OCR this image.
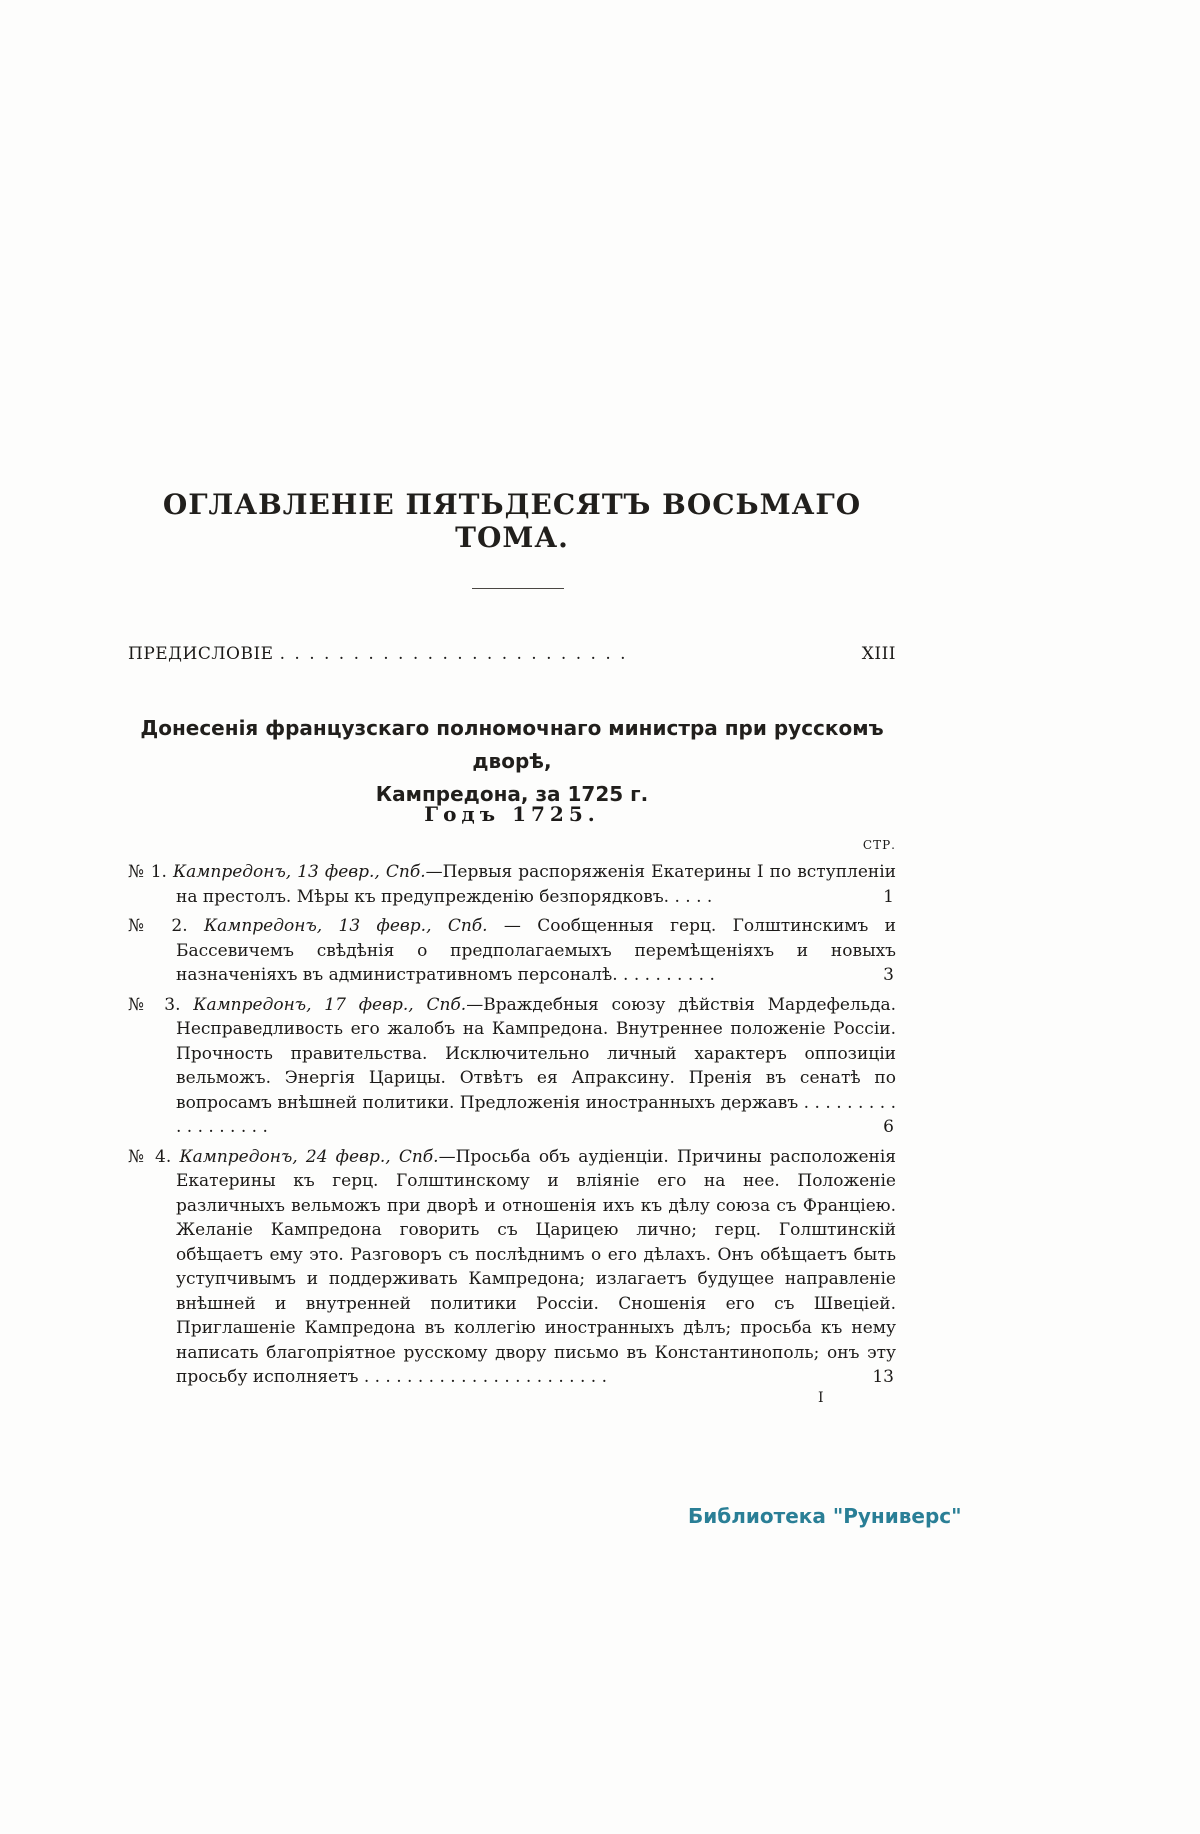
ОГЛАВЛЕНІЕ ПЯТЬДЕСЯТЪ ВОСЬМАГО ТОМА.
ПРЕДИСЛОВІЕ . . . . . . . . . . . . . . . . . . . . . . . .	XIII
Донесенія французскаго полномочнаго министра при русскомъ дворѣ,
Кампредона, за 1725 г.
Годъ 1725.
СТР.
№ 1. Кампредонъ, 13 февр., Спб.—Первыя распоряженія Екатерины I по вступленіи на престолъ. Мѣры къ предупрежденію безпорядковъ. . . . .	1
№ 2. Кампредонъ, 13 февр., Спб. — Сообщенныя герц. Голштинскимъ и Бассевичемъ свѣдѣнія о предполагаемыхъ перемѣщеніяхъ и новыхъ назначеніяхъ въ административномъ персоналѣ. . . . . . . . . .	3
№ 3. Кампредонъ, 17 февр., Спб.—Враждебныя союзу дѣйствія Мардефельда. Несправедливость его жалобъ на Кампредона. Внутреннее положеніе Россіи. Прочность правительства. Исключительно личный характеръ оппозиціи вельможъ. Энергія Царицы. Отвѣтъ ея Апраксину. Пренія въ сенатѣ по вопросамъ внѣшней политики. Предложенія иностранныхъ державъ . . . . . . . . . . . . . . . . . .	6
№ 4. Кампредонъ, 24 февр., Спб.—Просьба объ аудіенціи. Причины расположенія Екатерины къ герц. Голштинскому и вліяніе его на нее. Положеніе различныхъ вельможъ при дворѣ и отношенія ихъ къ дѣлу союза съ Франціею. Желаніе Кампредона говорить съ Царицею лично; герц. Голштинскій обѣщаетъ ему это. Разговоръ съ послѣднимъ о его дѣлахъ. Онъ обѣщаетъ быть уступчивымъ и поддерживать Кампредона; излагаетъ будущее направленіе внѣшней и внутренней политики Россіи. Сношенія его съ Швеціей. Приглашеніе Кампредона въ коллегію иностранныхъ дѣлъ; просьба къ нему написать благопріятное русскому двору письмо въ Константинополь; онъ эту просьбу исполняетъ . . . . . . . . . . . . . . . . . . . . . . .	13
I
Библиотека "Руниверс"
